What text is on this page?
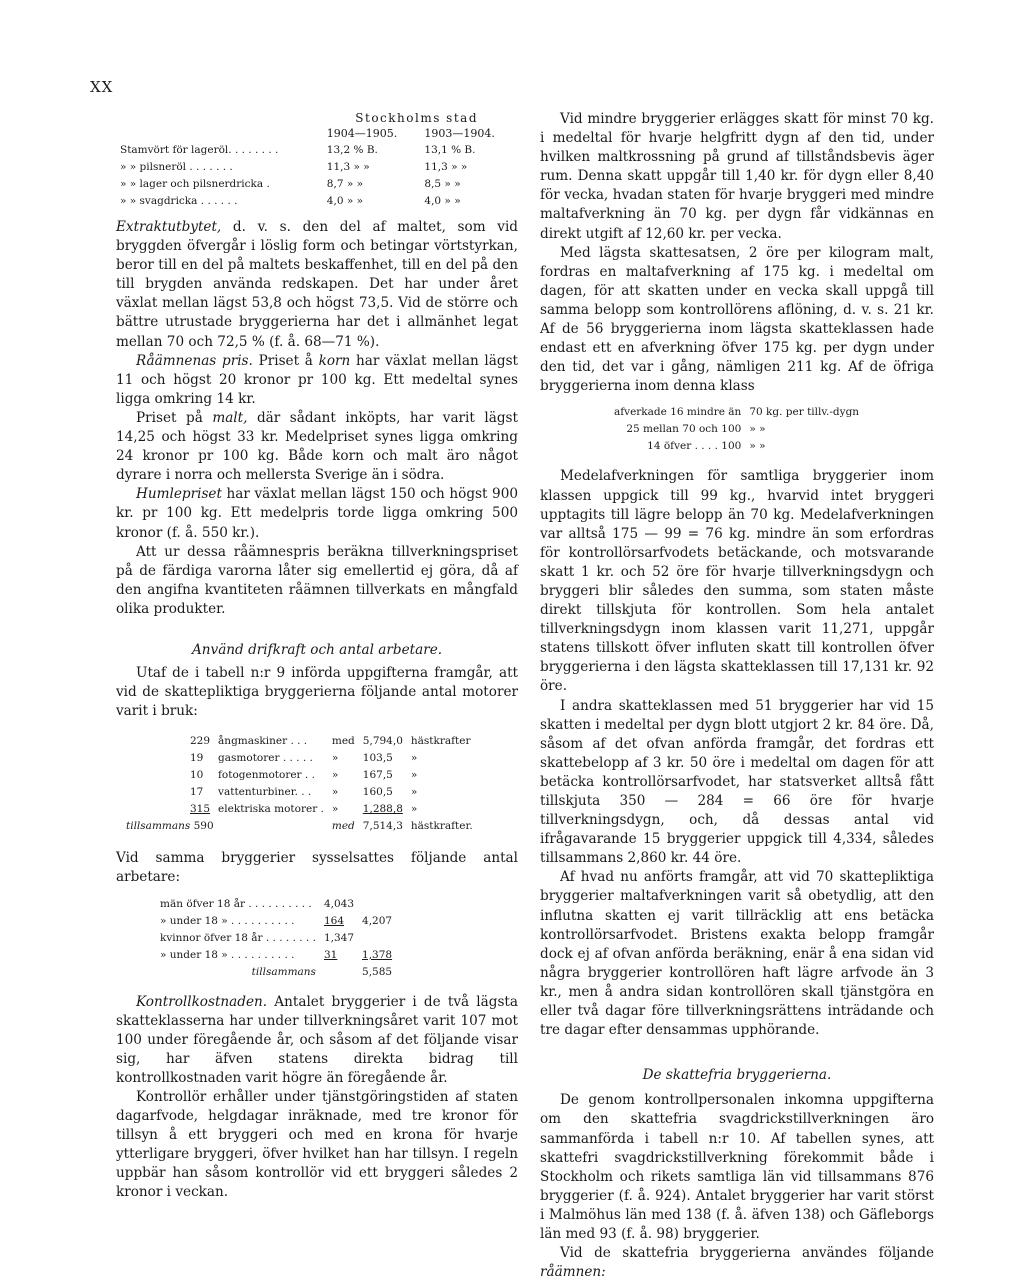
XX
Stockholms stad
	1904—1905.	1903—1904.
Stamvört för lageröl. . . . . . . .	13,2 % B.	13,1 % B.
» » pilsneröl . . . . . . .	11,3 » »	11,3 » »
» » lager och pilsnerdricka .	8,7 » »	8,5 » »
» » svagdricka . . . . . .	4,0 » »	4,0 » »

Extraktutbytet, d. v. s. den del af maltet, som vid bryggden öfvergår i löslig form och betingar vörtstyrkan, beror till en del på maltets beskaffenhet, till en del på den till brygden använda redskapen. Det har under året växlat mellan lägst 53,8 och högst 73,5. Vid de större och bättre utrustade bryggerierna har det i allmänhet legat mellan 70 och 72,5 % (f. å. 68—71 %).

Råämnenas pris. Priset å korn har växlat mellan lägst 11 och högst 20 kronor pr 100 kg. Ett medeltal synes ligga omkring 14 kr.

Priset på malt, där sådant inköpts, har varit lägst 14,25 och högst 33 kr. Medelpriset synes ligga omkring 24 kronor pr 100 kg. Både korn och malt äro något dyrare i norra och mellersta Sverige än i södra.

Humlepriset har växlat mellan lägst 150 och högst 900 kr. pr 100 kg. Ett medelpris torde ligga omkring 500 kronor (f. å. 550 kr.).

Att ur dessa råämnespris beräkna tillverkningspriset på de färdiga varorna låter sig emellertid ej göra, då af den angifna kvantiteten råämnen tillverkats en mångfald olika produkter.

Använd drifkraft och antal arbetare.

Utaf de i tabell n:r 9 införda uppgifterna framgår, att vid de skattepliktiga bryggerierna följande antal motorer varit i bruk:

229	ångmaskiner . . .	med	5,794,0	hästkrafter
19	gasmotorer . . . . .	»	103,5	»
10	fotogenmotorer . .	»	167,5	»
17	vattenturbiner. . .	»	160,5	»
315	elektriska motorer .	»	1,288,8	»
tillsammans 590		med	7,514,3	hästkrafter.

Vid samma bryggerier sysselsattes följande antal arbetare:

män öfver 18 år . . . . . . . . . .	4,043	
» under 18 » . . . . . . . . . .	164	4,207
kvinnor öfver 18 år . . . . . . . .	1,347	
» under 18 » . . . . . . . . . .	31	1,378
tillsammans		5,585

Kontrollkostnaden. Antalet bryggerier i de två lägsta skatteklasserna har under tillverkningsåret varit 107 mot 100 under föregående år, och såsom af det följande visar sig, har äfven statens direkta bidrag till kontrollkostnaden varit högre än föregående år.

Kontrollör erhåller under tjänstgöringstiden af staten dagarfvode, helgdagar inräknade, med tre kronor för tillsyn å ett bryggeri och med en krona för hvarje ytterligare bryggeri, öfver hvilket han har tillsyn. I regeln uppbär han såsom kontrollör vid ett bryggeri således 2 kronor i veckan.

Vid mindre bryggerier erlägges skatt för minst 70 kg. i medeltal för hvarje helgfritt dygn af den tid, under hvilken maltkrossning på grund af tillståndsbevis äger rum. Denna skatt uppgår till 1,40 kr. för dygn eller 8,40 för vecka, hvadan staten för hvarje bryggeri med mindre maltafverkning än 70 kg. per dygn får vidkännas en direkt utgift af 12,60 kr. per vecka.

Med lägsta skattesatsen, 2 öre per kilogram malt, fordras en maltafverkning af 175 kg. i medeltal om dagen, för att skatten under en vecka skall uppgå till samma belopp som kontrollörens aflöning, d. v. s. 21 kr. Af de 56 bryggerierna inom lägsta skatteklassen hade endast ett en afverkning öfver 175 kg. per dygn under den tid, det var i gång, nämligen 211 kg. Af de öfriga bryggerierna inom denna klass

afverkade 16 mindre än	70 kg. per tillv.-dygn
25 mellan 70 och 100	» »
14 öfver . . . . 100	» »

Medelafverkningen för samtliga bryggerier inom klassen uppgick till 99 kg., hvarvid intet bryggeri upptagits till lägre belopp än 70 kg. Medelafverkningen var alltså 175 — 99 = 76 kg. mindre än som erfordras för kontrollörsarfvodets betäckande, och motsvarande skatt 1 kr. och 52 öre för hvarje tillverkningsdygn och bryggeri blir således den summa, som staten måste direkt tillskjuta för kontrollen. Som hela antalet tillverkningsdygn inom klassen varit 11,271, uppgår statens tillskott öfver influten skatt till kontrollen öfver bryggerierna i den lägsta skatteklassen till 17,131 kr. 92 öre.

I andra skatteklassen med 51 bryggerier har vid 15 skatten i medeltal per dygn blott utgjort 2 kr. 84 öre. Då, såsom af det ofvan anförda framgår, det fordras ett skattebelopp af 3 kr. 50 öre i medeltal om dagen för att betäcka kontrollörsarfvodet, har statsverket alltså fått tillskjuta 350 — 284 = 66 öre för hvarje tillverkningsdygn, och, då dessas antal vid ifrågavarande 15 bryggerier uppgick till 4,334, således tillsammans 2,860 kr. 44 öre.

Af hvad nu anförts framgår, att vid 70 skattepliktiga bryggerier maltafverkningen varit så obetydlig, att den influtna skatten ej varit tillräcklig att ens betäcka kontrollörsarfvodet. Bristens exakta belopp framgår dock ej af ofvan anförda beräkning, enär å ena sidan vid några bryggerier kontrollören haft lägre arfvode än 3 kr., men å andra sidan kontrollören skall tjänstgöra en eller två dagar före tillverkningsrättens inträdande och tre dagar efter densammas upphörande.

De skattefria bryggerierna.

De genom kontrollpersonalen inkomna uppgifterna om den skattefria svagdrickstillverkningen äro sammanförda i tabell n:r 10. Af tabellen synes, att skattefri svagdrickstillverkning förekommit både i Stockholm och rikets samtliga län vid tillsammans 876 bryggerier (f. å. 924). Antalet bryggerier har varit störst i Malmöhus län med 138 (f. å. äfven 138) och Gäfleborgs län med 93 (f. å. 98) bryggerier.

Vid de skattefria bryggerierna användes följande råämnen:
